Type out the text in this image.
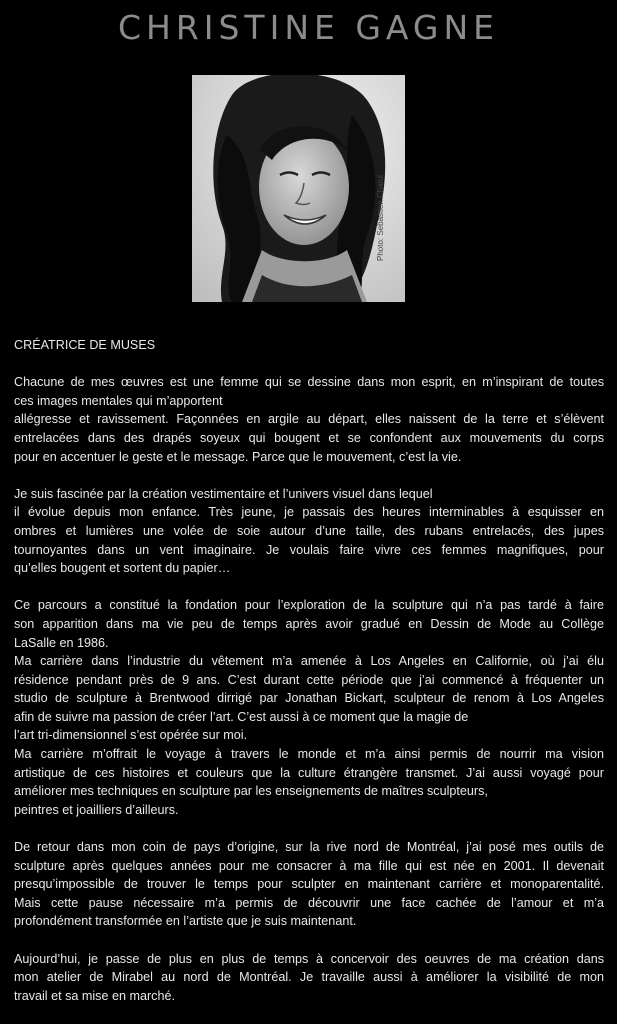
CHRISTINE GAGNE
Photo: Sebastien Chalut
CRÉATRICE DE MUSES
Chacune de mes œuvres est une femme qui se dessine dans mon esprit, en m’inspirant de toutes
ces images mentales qui m’apportent
allégresse et ravissement. Façonnées en argile au départ, elles naissent de la terre et s’élèvent
entrelacées dans des drapés soyeux qui bougent et se confondent aux mouvements du corps
pour en accentuer le geste et le message. Parce que le mouvement, c’est la vie.
Je suis fascinée par la création vestimentaire et l’univers visuel dans lequel
il évolue depuis mon enfance. Très jeune, je passais des heures interminables à esquisser en
ombres et lumières une volée de soie autour d’une taille, des rubans entrelacés, des jupes
tournoyantes dans un vent imaginaire. Je voulais faire vivre ces femmes magnifiques, pour
qu’elles bougent et sortent du papier…
Ce parcours a constitué la fondation pour l’exploration de la sculpture qui n’a pas tardé à faire
son apparition dans ma vie peu de temps après avoir gradué en Dessin de Mode au Collège
LaSalle en 1986.
Ma carrière dans l’industrie du vêtement m’a amenée à Los Angeles en Californie, où j’ai élu
résidence pendant près de 9 ans. C’est durant cette période que j’ai commencé à fréquenter un
studio de sculpture à Brentwood dirrigé par Jonathan Bickart, sculpteur de renom à Los Angeles
afin de suivre ma passion de créer l’art. C’est aussi à ce moment que la magie de
l’art tri-dimensionnel s’est opérée sur moi.
Ma carrière m’offrait le voyage à travers le monde et m’a ainsi permis de nourrir ma vision
artistique de ces histoires et couleurs que la culture étrangère transmet. J’ai aussi voyagé pour
améliorer mes techniques en sculpture par les enseignements de maîtres sculpteurs,
peintres et joailliers d’ailleurs.
De retour dans mon coin de pays d’origine, sur la rive nord de Montréal, j’ai posé mes outils de
sculpture après quelques années pour me consacrer à ma fille qui est née en 2001. Il devenait
presqu’impossible de trouver le temps pour sculpter en maintenant carrière et monoparentalité.
Mais cette pause nécessaire m’a permis de découvrir une face cachée de l’amour et m’a
profondément transformée en l’artiste que je suis maintenant.
Aujourd’hui, je passe de plus en plus de temps à concervoir des oeuvres de ma création dans
mon atelier de Mirabel au nord de Montréal. Je travaille aussi à améliorer la visibilité de mon
travail et sa mise en marché.
